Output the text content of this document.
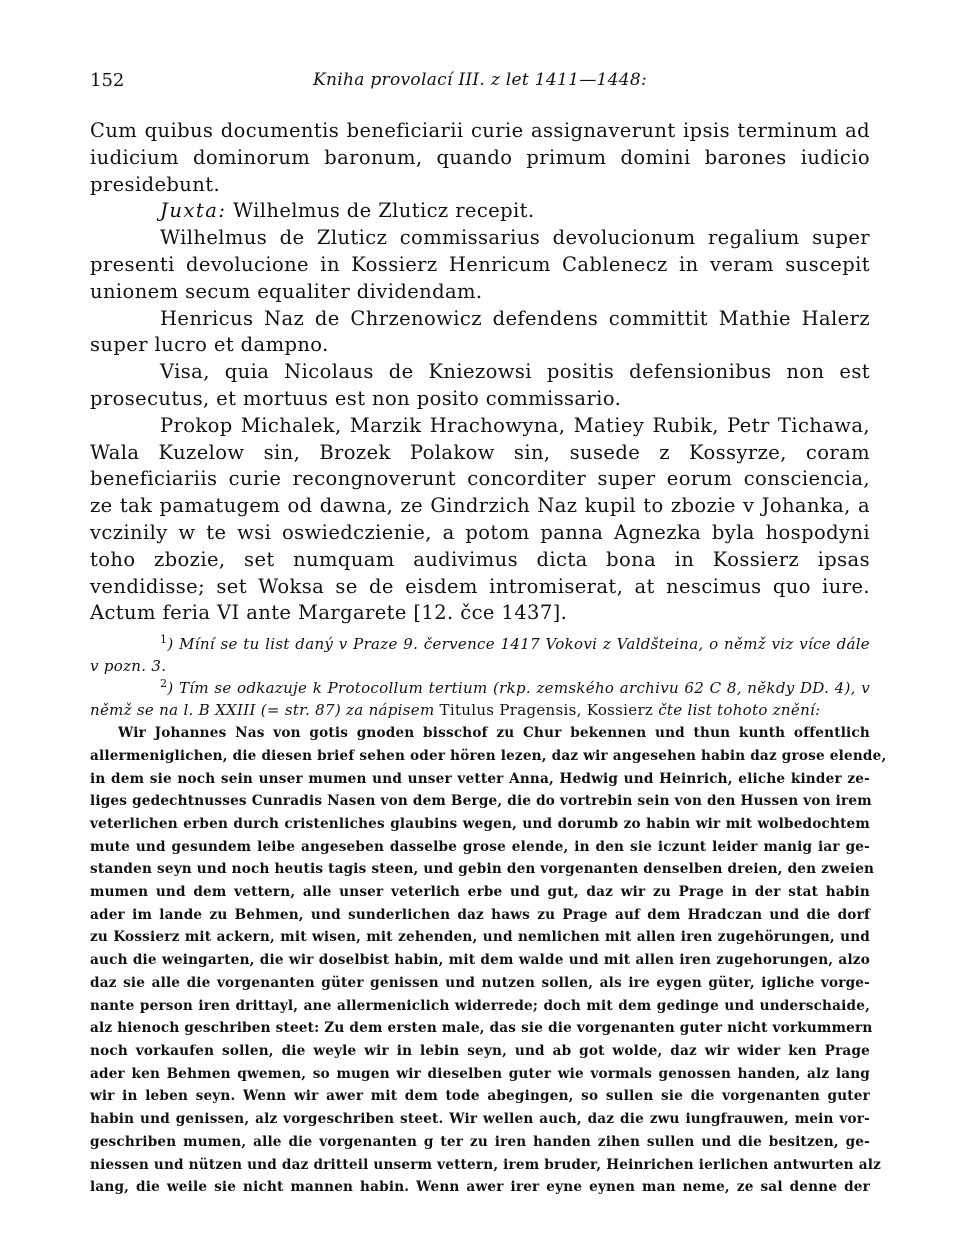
152	Kniha provolací III. z let 1411—1448:

Cum quibus documentis beneficiarii curie assignaverunt ipsis terminum ad iudicium dominorum baronum, quando primum domini barones iudicio presidebunt.

Juxta: Wilhelmus de Zluticz recepit.

Wilhelmus de Zluticz commissarius devolucionum regalium super presenti devolucione in Kossierz Henricum Cablenecz in veram suscepit unionem secum equaliter dividendam.

Henricus Naz de Chrzenowicz defendens committit Mathie Halerz super lucro et dampno.

Visa, quia Nicolaus de Kniezowsi positis defensionibus non est prosecutus, et mortuus est non posito commissario.

Prokop Michalek, Marzik Hrachowyna, Matiey Rubik, Petr Tichawa, Wala Kuzelow sin, Brozek Polakow sin, susede z Kossyrze, coram beneficiariis curie recongnoverunt concorditer super eorum consciencia, ze tak pamatugem od dawna, ze Gindrzich Naz kupil to zbozie v Johanka, a vczinily w te wsi oswiedczienie, a potom panna Agnezka byla hospodyni toho zbozie, set numquam audivimus dicta bona in Kossierz ipsas vendidisse; set Woksa se de eisdem intromiserat, at nescimus quo iure. Actum feria VI ante Margarete [12. čce 1437].

$^1$) Míní se tu list daný v Praze 9. července 1417 Vokovi z Valdšteina, o němž viz více dále v pozn. 3.

$^2$) Tím se odkazuje k Protocollum tertium (rkp. zemského archivu 62 C 8, někdy DD. 4), v němž se na l. B XXIII (= str. 87) za nápisem Titulus Pragensis, Kossierz čte list tohoto znění:

Wir Johannes Nas von gotis gnoden bisschof zu Chur bekennen und thun kunth offentlich
allermeniglichen, die diesen brief sehen oder hören lezen, daz wir angesehen habin daz grose elende,
in dem sie noch sein unser mumen und unser vetter Anna, Hedwig und Heinrich, eliche kinder ze-
liges gedechtnusses Cunradis Nasen von dem Berge, die do vortrebin sein von den Hussen von irem
veterlichen erben durch cristenliches glaubins wegen, und dorumb zo habin wir mit wolbedochtem
mute und gesundem leibe angeseben dasselbe grose elende, in den sie iczunt leider manig iar ge-
standen seyn und noch heutis tagis steen, und gebin den vorgenanten denselben dreien, den zweien
mumen und dem vettern, alle unser veterlich erbe und gut, daz wir zu Prage in der stat habin
ader im lande zu Behmen, und sunderlichen daz haws zu Prage auf dem Hradczan und die dorf
zu Kossierz mit ackern, mit wisen, mit zehenden, und nemlichen mit allen iren zugehörungen, und
auch die weingarten, die wir doselbist habin, mit dem walde und mit allen iren zugehorungen, alzo
daz sie alle die vorgenanten güter genissen und nutzen sollen, als ire eygen güter, igliche vorge-
nante person iren drittayl, ane allermeniclich widerrede; doch mit dem gedinge und underschaide,
alz hienoch geschriben steet: Zu dem ersten male, das sie die vorgenanten guter nicht vorkummern
noch vorkaufen sollen, die weyle wir in lebin seyn, und ab got wolde, daz wir wider ken Prage
ader ken Behmen qwemen, so mugen wir dieselben guter wie vormals genossen handen, alz lang
wir in leben seyn. Wenn wir awer mit dem tode abegingen, so sullen sie die vorgenanten guter
habin und genissen, alz vorgeschriben steet. Wir wellen auch, daz die zwu iungfrauwen, mein vor-
geschriben mumen, alle die vorgenanten g ter zu iren handen zihen sullen und die besitzen, ge-
niessen und nützen und daz dritteil unserm vettern, irem bruder, Heinrichen ierlichen antwurten alz
lang, die weile sie nicht mannen habin. Wenn awer irer eyne eynen man neme, ze sal denne der
